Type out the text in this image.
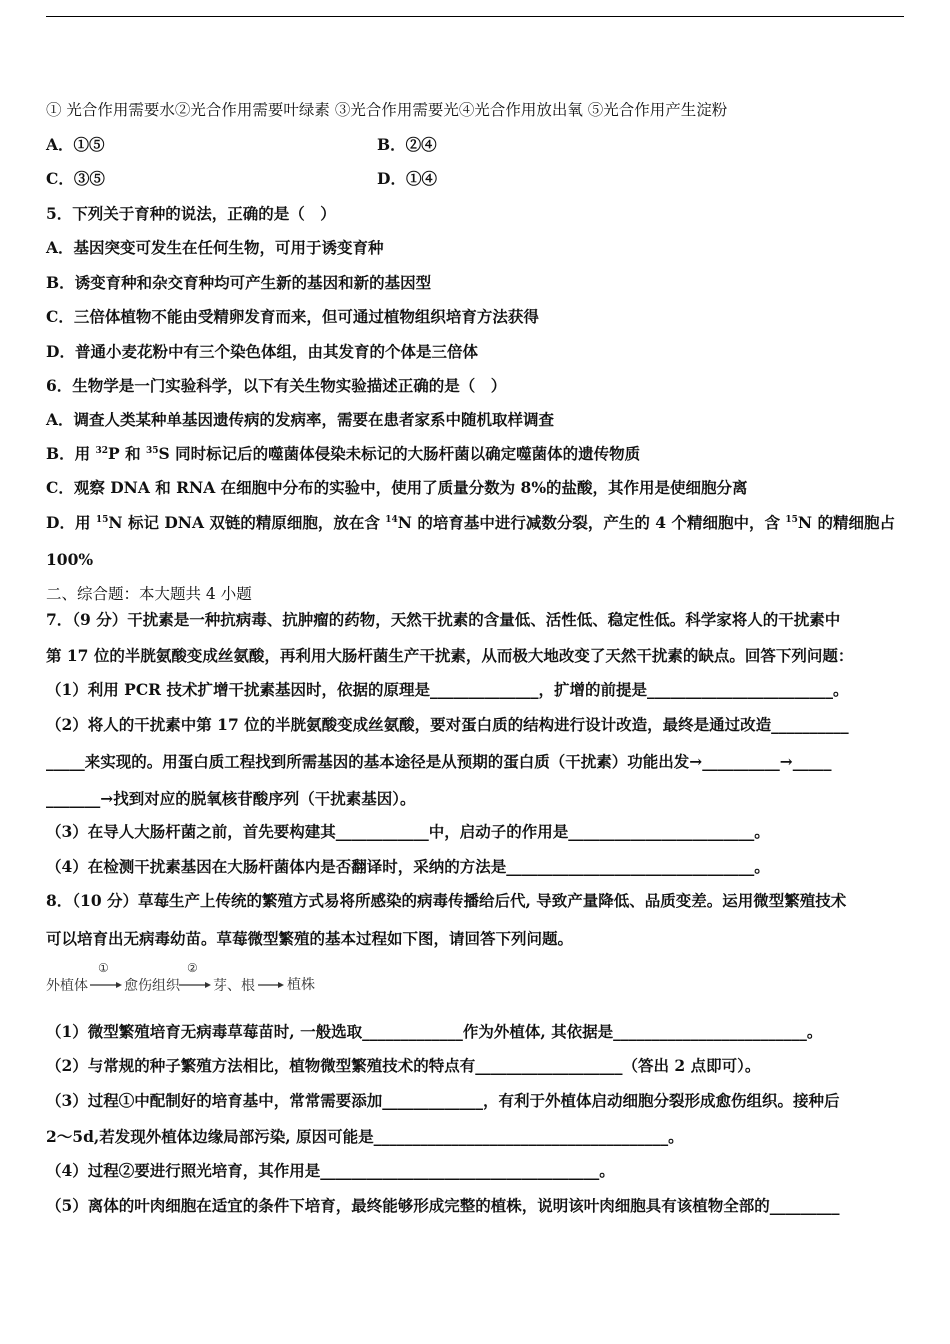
① 光合作用需要水②光合作用需要叶绿素 ③光合作用需要光④光合作用放出氧 ⑤光合作用产生淀粉
A．①⑤	B．②④
C．③⑤	D．①④
5．下列关于育种的说法，正确的是（　）
A．基因突变可发生在任何生物，可用于诱变育种
B．诱变育种和杂交育种均可产生新的基因和新的基因型
C．三倍体植物不能由受精卵发育而来，但可通过植物组织培育方法获得
D．普通小麦花粉中有三个染色体组，由其发育的个体是三倍体
6．生物学是一门实验科学，以下有关生物实验描述正确的是（　）
A．调查人类某种单基因遗传病的发病率，需要在患者家系中随机取样调查
B．用 $^{32}$P 和 $^{35}$S 同时标记后的噬菌体侵染未标记的大肠杆菌以确定噬菌体的遗传物质
C．观察 DNA 和 RNA 在细胞中分布的实验中，使用了质量分数为 8%的盐酸，其作用是使细胞分离
D．用 $^{15}$N 标记 DNA 双链的精原细胞，放在含 $^{14}$N 的培育基中进行减数分裂，产生的 4 个精细胞中，含 $^{15}$N 的精细胞占
100%
二、综合题：本大题共 4 小题
7．（9 分）干扰素是一种抗病毒、抗肿瘤的药物，天然干扰素的含量低、活性低、稳定性低。科学家将人的干扰素中
第 17 位的半胱氨酸变成丝氨酸，再利用大肠杆菌生产干扰素，从而极大地改变了天然干扰素的缺点。回答下列问题：
（1）利用 PCR 技术扩增干扰素基因时，依据的原理是______________，扩增的前提是________________________。
（2）将人的干扰素中第 17 位的半胱氨酸变成丝氨酸，要对蛋白质的结构进行设计改造，最终是通过改造__________
_____来实现的。用蛋白质工程找到所需基因的基本途径是从预期的蛋白质（干扰素）功能出发→__________→_____
_______→找到对应的脱氧核苷酸序列（干扰素基因）。
（3）在导人大肠杆菌之前，首先要构建其____________中，启动子的作用是________________________。
（4）在检测干扰素基因在大肠杆菌体内是否翻译时，采纳的方法是________________________________。
8．（10 分）草莓生产上传统的繁殖方式易将所感染的病毒传播给后代, 导致产量降低、品质变差。运用微型繁殖技术
可以培育出无病毒幼苗。草莓微型繁殖的基本过程如下图，请回答下列问题。
外植体
①
愈伤组织
②
芽、根 植株
（1）微型繁殖培育无病毒草莓苗时, 一般选取_____________作为外植体, 其依据是_________________________。
（2）与常规的种子繁殖方法相比，植物微型繁殖技术的特点有___________________（答出 2 点即可）。
（3）过程①中配制好的培育基中，常常需要添加_____________，有利于外植体启动细胞分裂形成愈伤组织。接种后
2～5d,若发现外植体边缘局部污染, 原因可能是______________________________________。
（4）过程②要进行照光培育，其作用是____________________________________。
（5）离体的叶肉细胞在适宜的条件下培育，最终能够形成完整的植株，说明该叶肉细胞具有该植物全部的_________
